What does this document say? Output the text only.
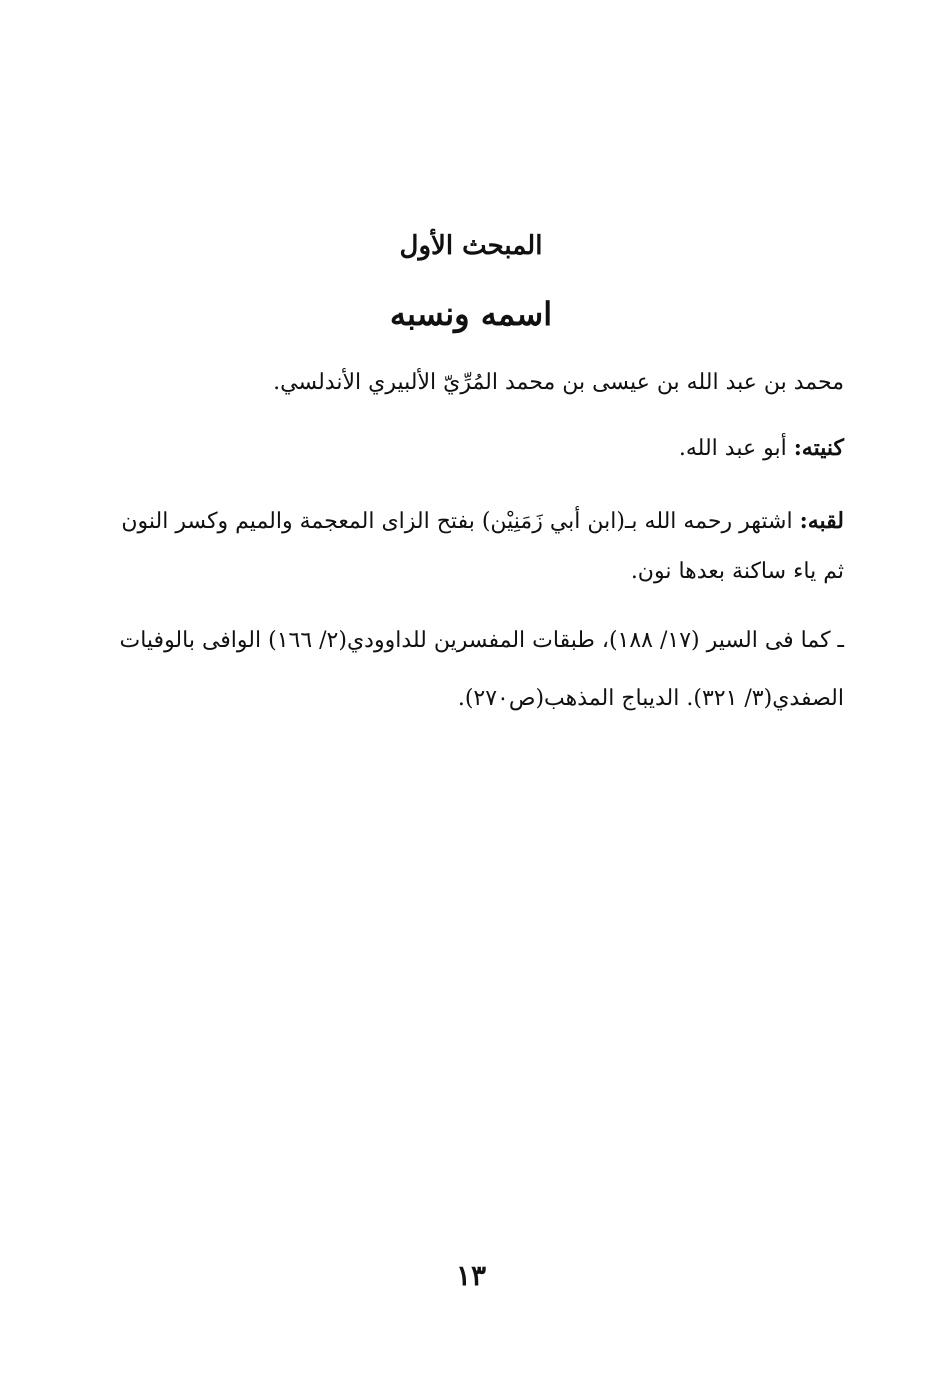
المبحث الأول
اسمه ونسبه

محمد بن عبد الله بن عيسى بن محمد المُرِّيّ الألبيري الأندلسي.

كنيته: أبو عبد الله.

لقبه: اشتهر رحمه الله بـ(ابن أبي زَمَنِيْن) بفتح الزاى المعجمة والميم وكسر النون ثم ياء ساكنة بعدها نون.

ـ كما فى السير (١٧/ ١٨٨)، طبقات المفسرين للداوودي(٢/ ١٦٦) الوافى بالوفيات الصفدي(٣/ ٣٢١). الديباج المذهب(ص٢٧٠).

١٣
